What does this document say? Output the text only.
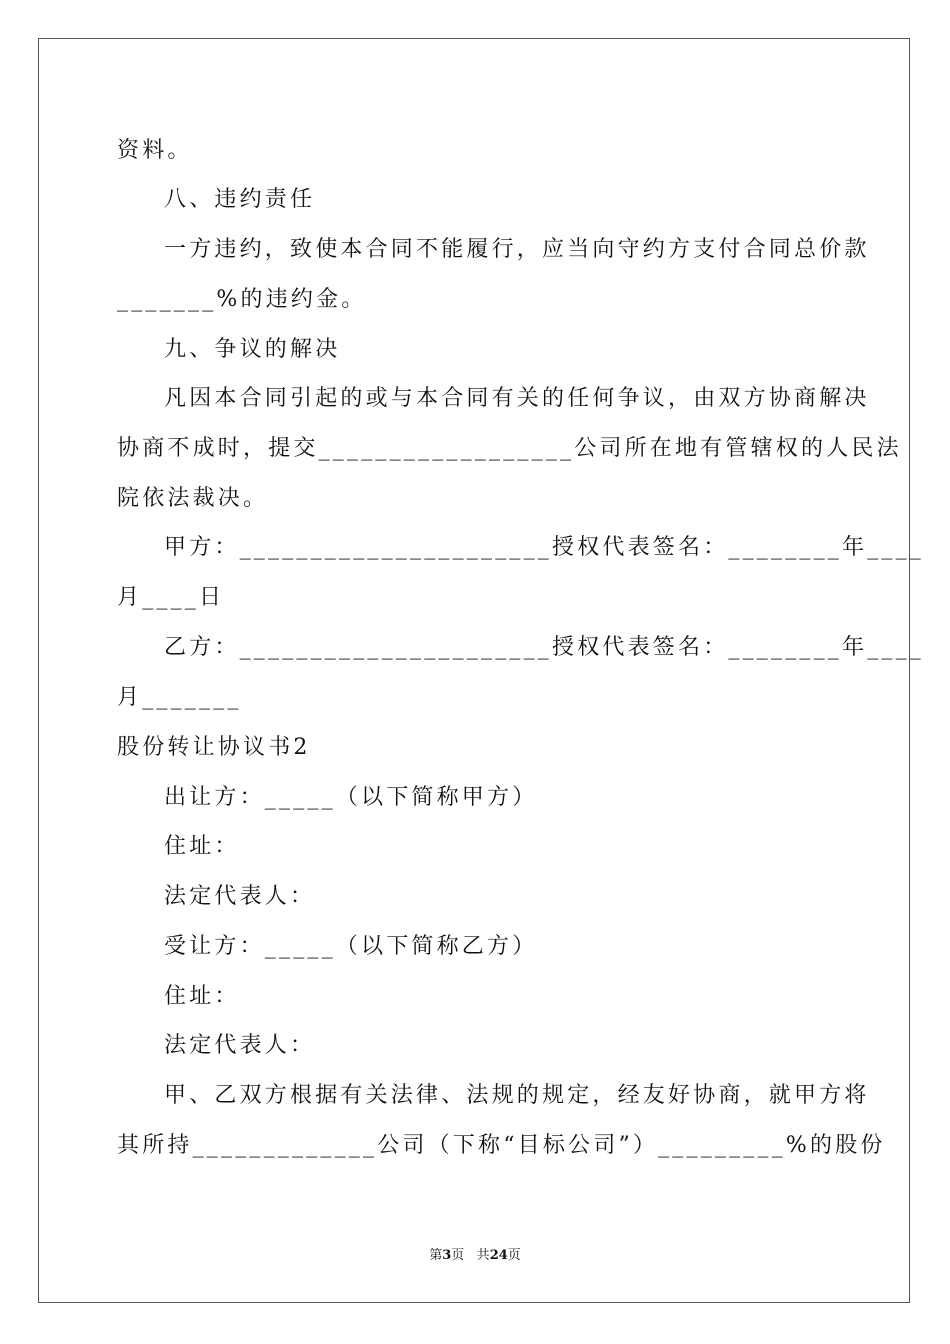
资料。
八、违约责任
一方违约，致使本合同不能履行，应当向守约方支付合同总价款
_______%的违约金。
九、争议的解决
凡因本合同引起的或与本合同有关的任何争议，由双方协商解决
协商不成时，提交__________________公司所在地有管辖权的人民法
院依法裁决。
甲方：______________________授权代表签名：________年____
月____日
乙方：______________________授权代表签名：________年____
月_______
股份转让协议书2
出让方：_____（以下简称甲方）
住址：
法定代表人：
受让方：_____（以下简称乙方）
住址：
法定代表人：
甲、乙双方根据有关法律、法规的规定，经友好协商，就甲方将
其所持_____________公司（下称“目标公司”）_________%的股份
第3页 共24页
